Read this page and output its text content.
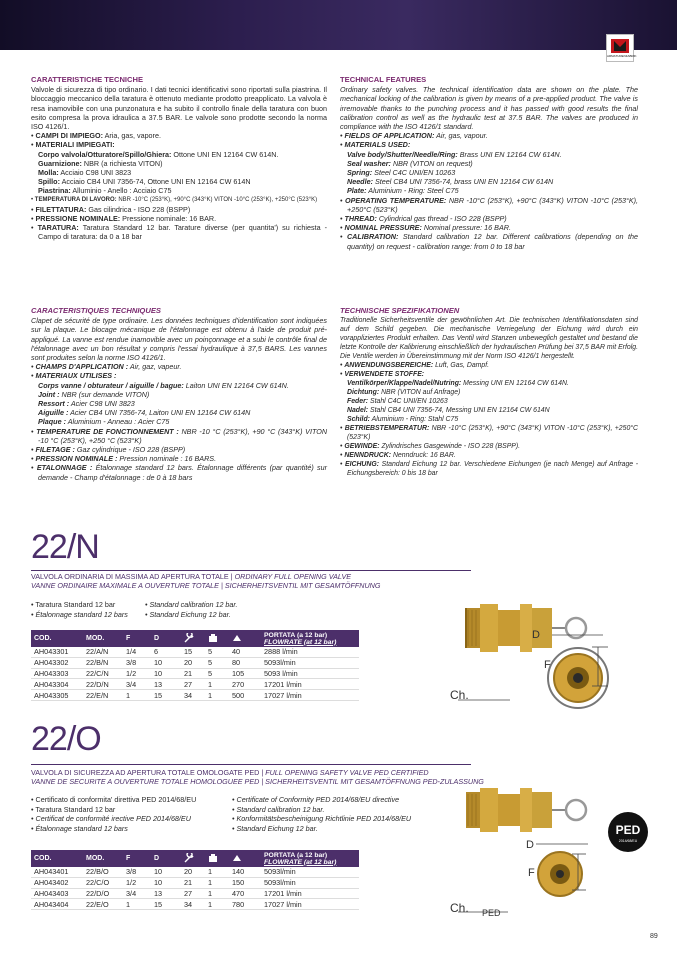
ARMATURENFABRIK

CARATTERISTICHE TECNICHE

Valvole di sicurezza di tipo ordinario. I dati tecnici identificativi sono riportati sulla piastrina. Il bloccaggio meccanico della taratura è ottenuto mediante prodotto preapplicato. La valvola è resa inamovibile con una punzonatura e ha subito il controllo finale della taratura con buon esito compresa la prova idraulica a 37.5 BAR. Le valvole sono prodotte secondo la norma ISO 4126/1.

• CAMPI DI IMPIEGO: Aria, gas, vapore.
• MATERIALI IMPIEGATI:

Corpo valvola/Otturatore/Spillo/Ghiera: Ottone UNI EN 12164 CW 614N.

Guarnizione: NBR (a richiesta VITON)

Molla: Acciaio C98 UNI 3823

Spillo: Acciaio CB4 UNI 7356-74, Ottone UNI EN 12164 CW 614N

Piastrina: Alluminio - Anello : Acciaio C75

• TEMPERATURA DI LAVORO: NBR -10°C (253°K), +90°C (343°K) VITON -10°C (253°K), +250°C (523°K)
• FILETTATURA: Gas cilindrica - ISO 228 (BSPP)
• PRESSIONE NOMINALE: Pressione nominale: 16 BAR.
• TARATURA: Taratura Standard 12 bar. Tarature diverse (per quantita') su richiesta - Campo di taratura: da 0 a 18 bar

TECHNICAL FEATURES

Ordinary safety valves. The technical identification data are shown on the plate. The mechanical locking of the calibration is given by means of a pre-applied product. The valve is irremovable thanks to the punching process and it has passed with good results the final calibration control as well as the hydraulic test at 37.5 BAR. The valves are produced in compliance with the ISO 4126/1 standard.

• FIELDS OF APPLICATION: Air, gas, vapour.
• MATERIALS USED:

Valve body/Shutter/Needle/Ring: Brass UNI EN 12164 CW 614N.

Seal washer: NBR (VITON on request)

Spring: Steel C4C UNI/EN 10263

Needle: Steel CB4 UNI 7356-74, brass UNI EN 12164 CW 614N

Plate: Aluminium - Ring: Steel C75

• OPERATING TEMPERATURE: NBR -10°C (253°K), +90°C (343°K) VITON -10°C (253°K), +250°C (523°K)
• THREAD: Cylindrical gas thread - ISO 228 (BSPP)
• NOMINAL PRESSURE: Nominal pressure: 16 BAR.
• CALIBRATION: Standard calibration 12 bar. Different calibrations (depending on the quantity) on request - calibration range: from 0 to 18 bar

CARACTERISTIQUES TECHNIQUES

Clapet de sécurité de type ordinaire. Les données techniques d'identification sont indiquées sur la plaque. Le blocage mécanique de l'étalonnage est obtenu à l'aide de produit pré-appliqué. La vanne est rendue inamovible avec un poinçonnage et a subi le contrôle final de l'étalonnage avec un bon résultat y compris l'essai hydraulique à 37,5 BARS. Les vannes sont produites selon la norme ISO 4126/1.

• CHAMPS D'APPLICATION : Air, gaz, vapeur.
• MATERIAUX UTILISES :

Corps vanne / obturateur / aiguille / bague: Laiton UNI EN 12164 CW 614N.

Joint : NBR (sur demande VITON)

Ressort : Acier C98 UNI 3823

Aiguille : Acier CB4 UNI 7356-74, Laiton UNI EN 12164 CW 614N

Plaque : Aluminium - Anneau : Acier C75

• TEMPERATURE DE FONCTIONNEMENT : NBR -10 °C (253°K), +90 °C (343°K) VITON -10 °C (253°K), +250 °C (523°K)
• FILETAGE : Gaz cylindrique - ISO 228 (BSPP)
• PRESSION NOMINALE : Pression nominale : 16 BARS.
• ETALONNAGE : Étalonnage standard 12 bars. Étalonnage différents (par quantité) sur demande - Champ d'étalonnage : de 0 à 18 bars

TECHNISCHE SPEZIFIKATIONEN

Traditionelle Sicherheitsventile der gewöhnlichen Art. Die technischen Identifikationsdaten sind auf dem Schild gegeben. Die mechanische Verriegelung der Eichung wird durch ein vorappliziertes Produkt erhalten. Das Ventil wird Stanzen unbeweglich gestaltet und bestand die letzte Kontrolle der Kalibrierung einschließlich der hydraulischen Prüfung bei 37,5 BAR mit Erfolg. Die Ventile werden in Übereinstimmung mit der Norm ISO 4126/1 hergestellt.

• ANWENDUNGSBEREICHE: Luft, Gas, Dampf.
• VERWENDETE STOFFE:

Ventilkörper/Klappe/Nadel/Nutring: Messing UNI EN 12164 CW 614N.

Dichtung: NBR (VITON auf Anfrage)

Feder: Stahl C4C UNI/EN 10263

Nadel: Stahl CB4 UNI 7356-74, Messing UNI EN 12164 CW 614N

Schild: Aluminium - Ring: Stahl C75

• BETRIEBSTEMPERATUR: NBR -10°C (253°K), +90°C (343°K) VITON -10°C (253°K), +250°C (523°K)
• GEWINDE: Zylindrisches Gasgewinde - ISO 228 (BSPP).
• NENNDRUCK: Nenndruck: 16 BAR.
• EICHUNG: Standard Eichung 12 bar. Verschiedene Eichungen (je nach Menge) auf Anfrage - Eichungsbereich: 0 bis 18 bar
22/N
VALVOLA ORDINARIA DI MASSIMA AD APERTURA TOTALE | ORDINARY FULL OPENING VALVE
VANNE ORDINAIRE MAXIMALE A OUVERTURE TOTALE | SICHERHEITSVENTIL MIT GESAMTÖFFNUNG
• Taratura Standard 12 bar
• Étalonnage standard 12 bars
• Standard calibration 12 bar.
• Standard Eichung 12 bar.
COD.	MOD.	F	D				PORTATA (a 12 bar)
FLOWRATE (at 12 bar)

AH043301	22/A/N	1/4	6	15	5	40	2888 l/min
AH043302	22/B/N	3/8	10	20	5	80	5093l/min
AH043303	22/C/N	1/2	10	21	5	105	5093 l/min
AH043304	22/D/N	3/4	13	27	1	270	17201 l/min
AH043305	22/E/N	1	15	34	1	500	17027 l/min
D
F
Ch.
22/O
VALVOLA DI SICUREZZA AD APERTURA TOTALE OMOLOGATE PED | FULL OPENING SAFETY VALVE PED CERTIFIED
VANNE DE SECURITE A OUVERTURE TOTALE HOMOLOGUEE PED | SICHERHEITSVENTIL MIT GESAMTÖFFNUNG PED-ZULASSUNG
• Certificato di conformita' direttiva PED 2014/68/EU
• Taratura Standard 12 bar
• Certificat de conformité irective PED 2014/68/EU
• Étalonnage standard 12 bars
• Certificate of Conformity PED 2014/68/EU directive
• Standard calibration 12 bar.
• Konformitätsbescheinigung Richtlinie PED 2014/68/EU
• Standard Eichung 12 bar.
COD.	MOD.	F	D				PORTATA (a 12 bar)
FLOWRATE (at 12 bar)

AH043401	22/B/O	3/8	10	20	1	140	5093l/min
AH043402	22/C/O	1/2	10	21	1	150	5093l/min
AH043403	22/D/O	3/4	13	27	1	470	17201 l/min
AH043404	22/E/O	1	15	34	1	780	17027 l/min
D
F
Ch. PED
PED
2014/68/EU
89
